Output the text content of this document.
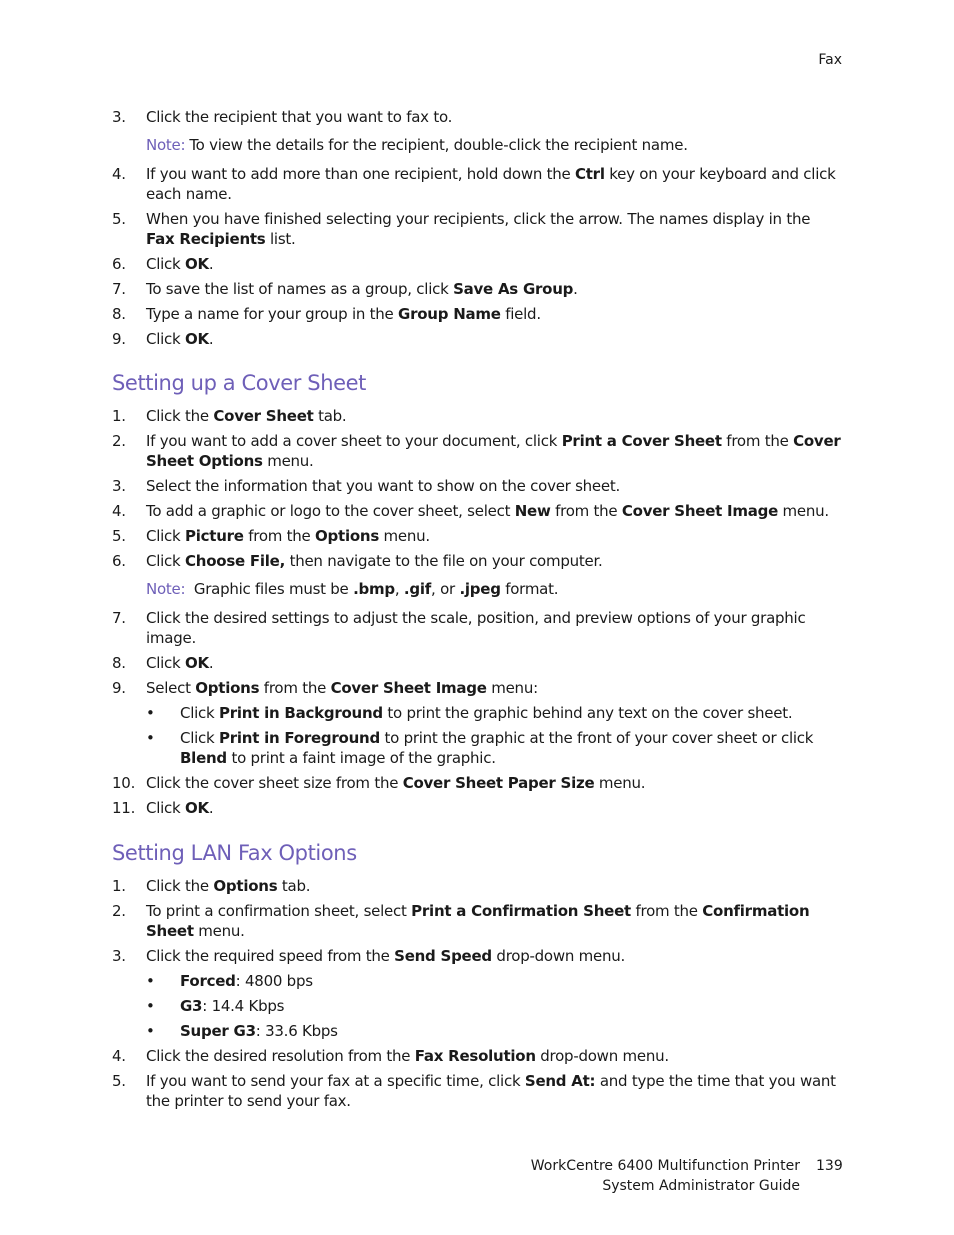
Fax
3. Click the recipient that you want to fax to.
Note: To view the details for the recipient, double-click the recipient name.
4. If you want to add more than one recipient, hold down the Ctrl key on your keyboard and click each name.
5. When you have finished selecting your recipients, click the arrow. The names display in the Fax Recipients list.
6. Click OK.
7. To save the list of names as a group, click Save As Group.
8. Type a name for your group in the Group Name field.
9. Click OK.
Setting up a Cover Sheet
1. Click the Cover Sheet tab.
2. If you want to add a cover sheet to your document, click Print a Cover Sheet from the Cover Sheet Options menu.
3. Select the information that you want to show on the cover sheet.
4. To add a graphic or logo to the cover sheet, select New from the Cover Sheet Image menu.
5. Click Picture from the Options menu.
6. Click Choose File, then navigate to the file on your computer.
Note: Graphic files must be .bmp, .gif, or .jpeg format.
7. Click the desired settings to adjust the scale, position, and preview options of your graphic image.
8. Click OK.
9. Select Options from the Cover Sheet Image menu:
• Click Print in Background to print the graphic behind any text on the cover sheet.
• Click Print in Foreground to print the graphic at the front of your cover sheet or click Blend to print a faint image of the graphic.
10. Click the cover sheet size from the Cover Sheet Paper Size menu.
11. Click OK.
Setting LAN Fax Options
1. Click the Options tab.
2. To print a confirmation sheet, select Print a Confirmation Sheet from the Confirmation Sheet menu.
3. Click the required speed from the Send Speed drop-down menu.
• Forced: 4800 bps
• G3: 14.4 Kbps
• Super G3: 33.6 Kbps
4. Click the desired resolution from the Fax Resolution drop-down menu.
5. If you want to send your fax at a specific time, click Send At: and type the time that you want the printer to send your fax.
WorkCentre 6400 Multifunction Printer 139
System Administrator Guide
